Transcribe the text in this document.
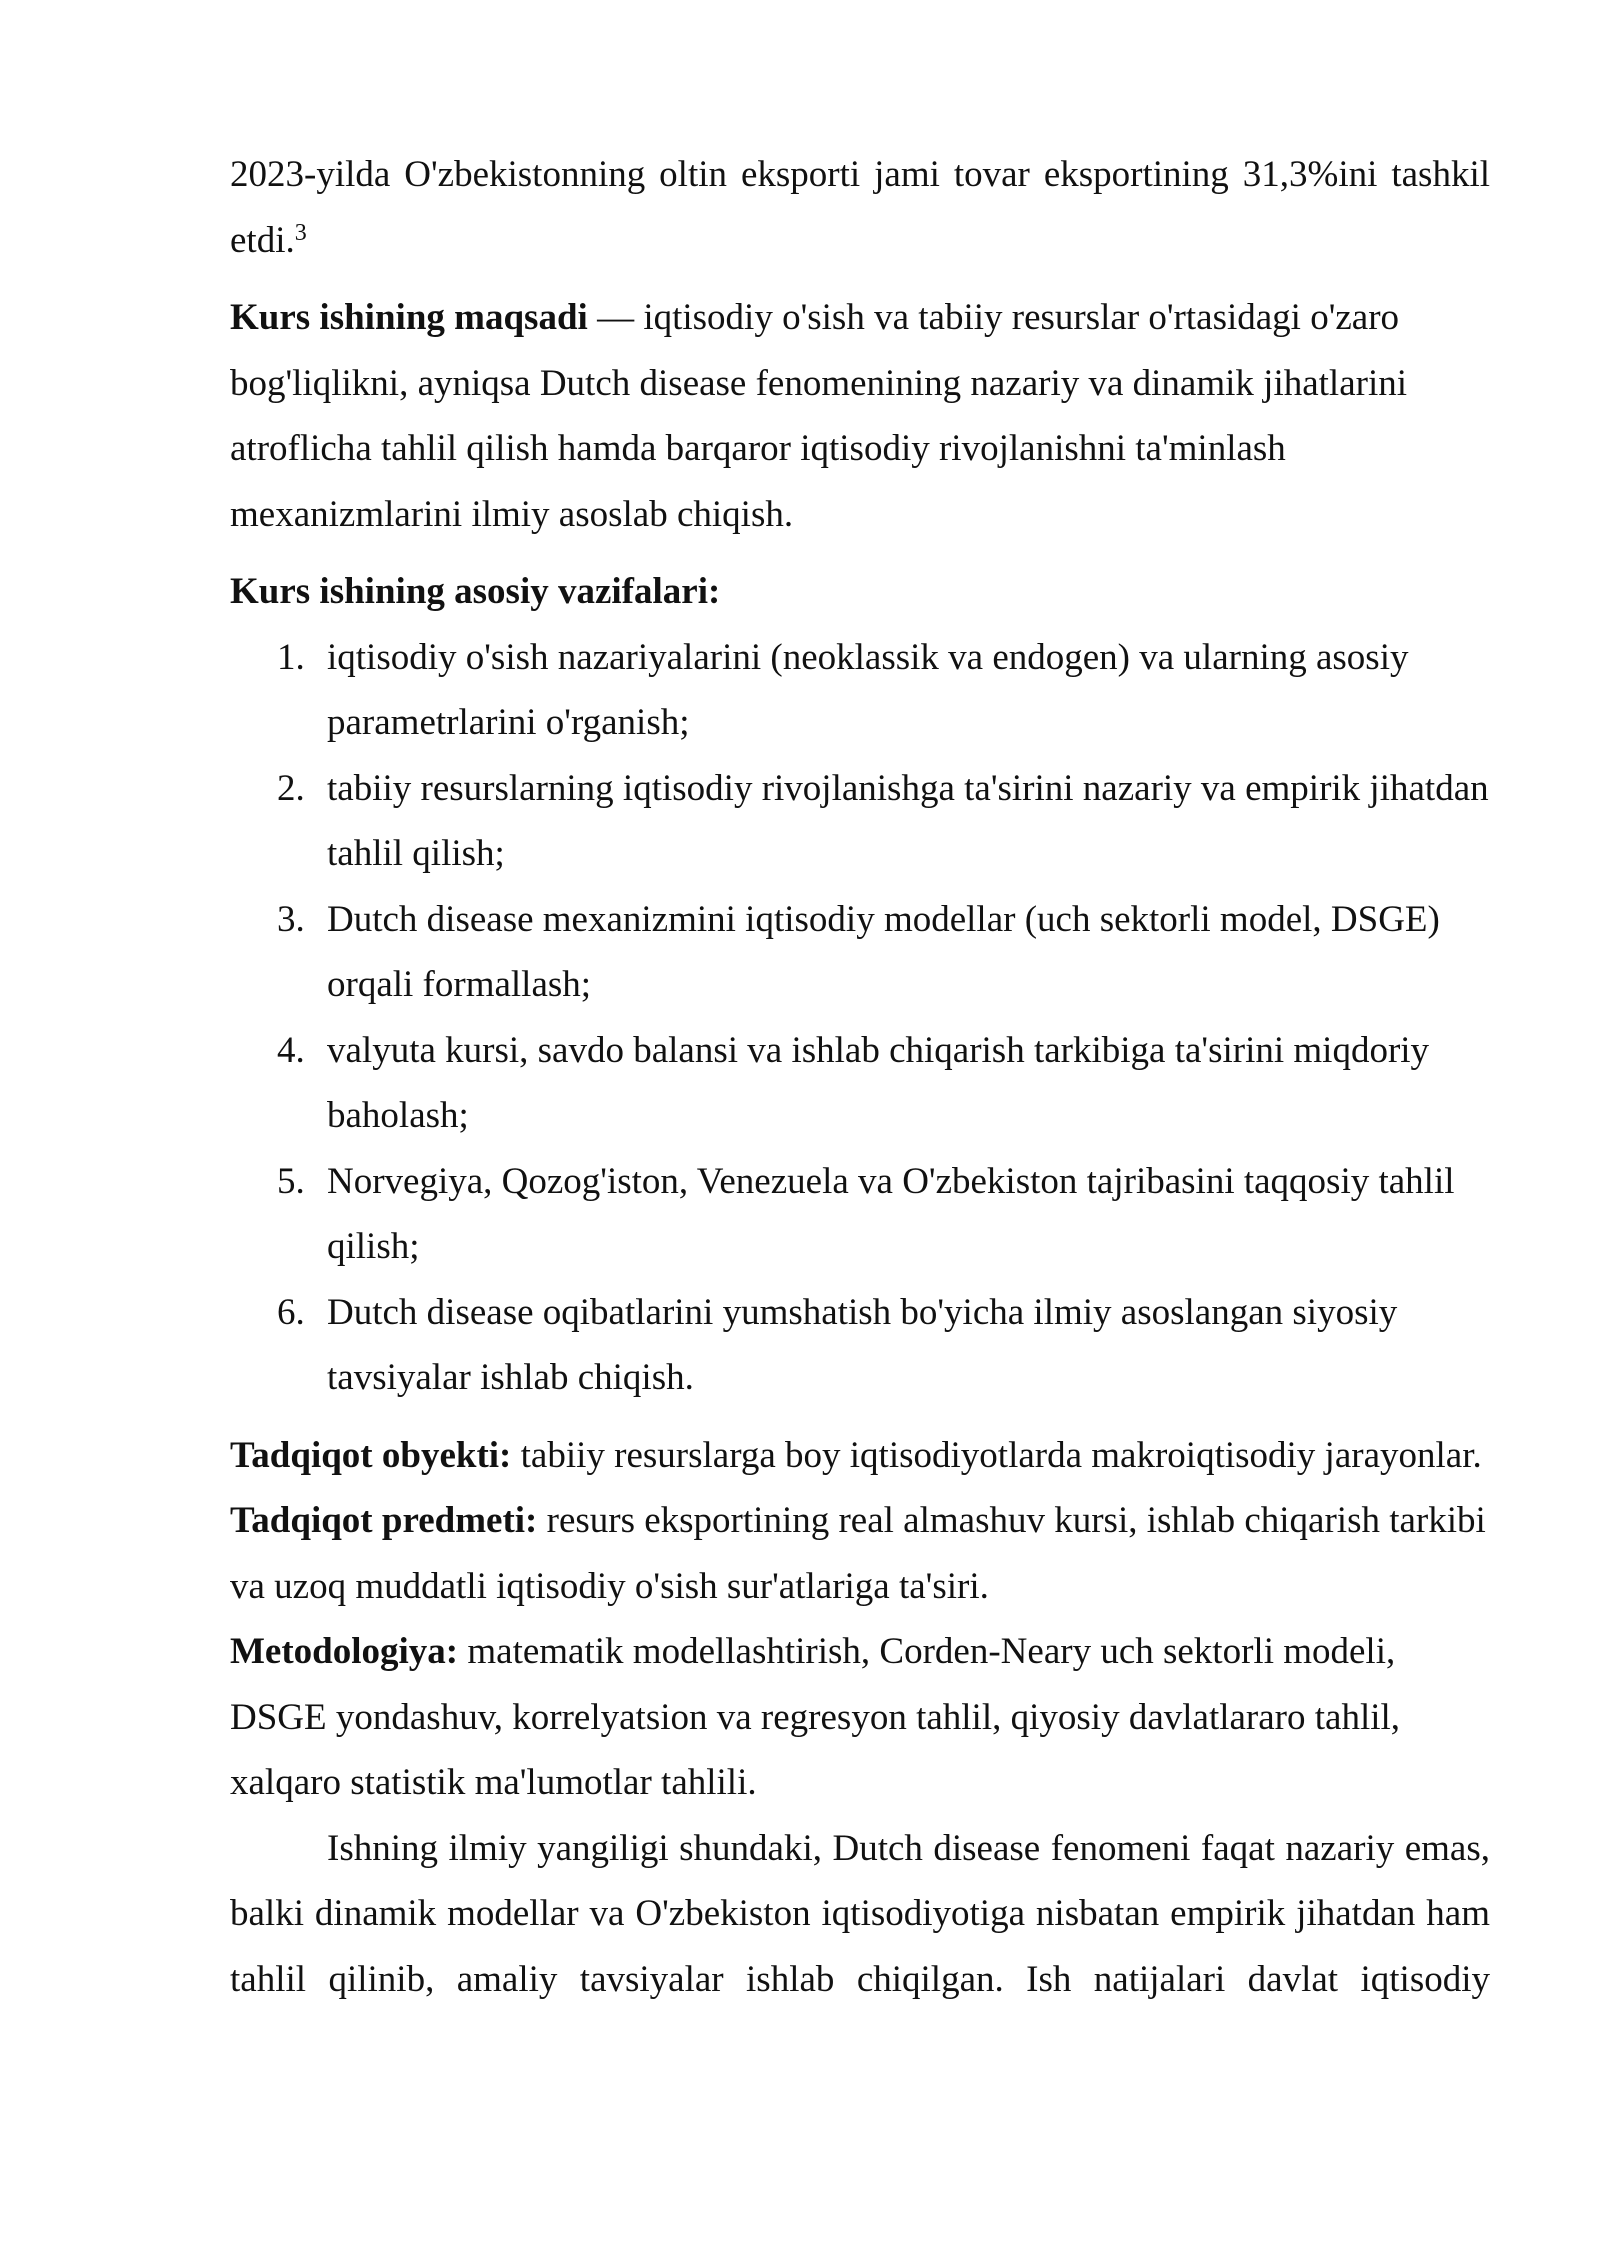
2023-yilda O'zbekistonning oltin eksporti jami tovar eksportining 31,3%ini tashkil etdi.$^3$

Kurs ishining maqsadi — iqtisodiy o'sish va tabiiy resurslar o'rtasidagi o'zaro bog'liqlikni, ayniqsa Dutch disease fenomenining nazariy va dinamik jihatlarini atroflicha tahlil qilish hamda barqaror iqtisodiy rivojlanishni ta'minlash mexanizmlarini ilmiy asoslab chiqish.

Kurs ishining asosiy vazifalari:

1. iqtisodiy o'sish nazariyalarini (neoklassik va endogen) va ularning asosiy parametrlarini o'rganish;
2. tabiiy resurslarning iqtisodiy rivojlanishga ta'sirini nazariy va empirik jihatdan tahlil qilish;
3. Dutch disease mexanizmini iqtisodiy modellar (uch sektorli model, DSGE) orqali formallash;
4. valyuta kursi, savdo balansi va ishlab chiqarish tarkibiga ta'sirini miqdoriy baholash;
5. Norvegiya, Qozog'iston, Venezuela va O'zbekiston tajribasini taqqosiy tahlil qilish;
6. Dutch disease oqibatlarini yumshatish bo'yicha ilmiy asoslangan siyosiy tavsiyalar ishlab chiqish.

Tadqiqot obyekti: tabiiy resurslarga boy iqtisodiyotlarda makroiqtisodiy jarayonlar.

Tadqiqot predmeti: resurs eksportining real almashuv kursi, ishlab chiqarish tarkibi va uzoq muddatli iqtisodiy o'sish sur'atlariga ta'siri.

Metodologiya: matematik modellashtirish, Corden-Neary uch sektorli modeli, DSGE yondashuv, korrelyatsion va regresyon tahlil, qiyosiy davlatlararo tahlil, xalqaro statistik ma'lumotlar tahlili.

Ishning ilmiy yangiligi shundaki, Dutch disease fenomeni faqat nazariy emas, balki dinamik modellar va O'zbekiston iqtisodiyotiga nisbatan empirik jihatdan ham tahlil qilinib, amaliy tavsiyalar ishlab chiqilgan. Ish natijalari davlat iqtisodiy
